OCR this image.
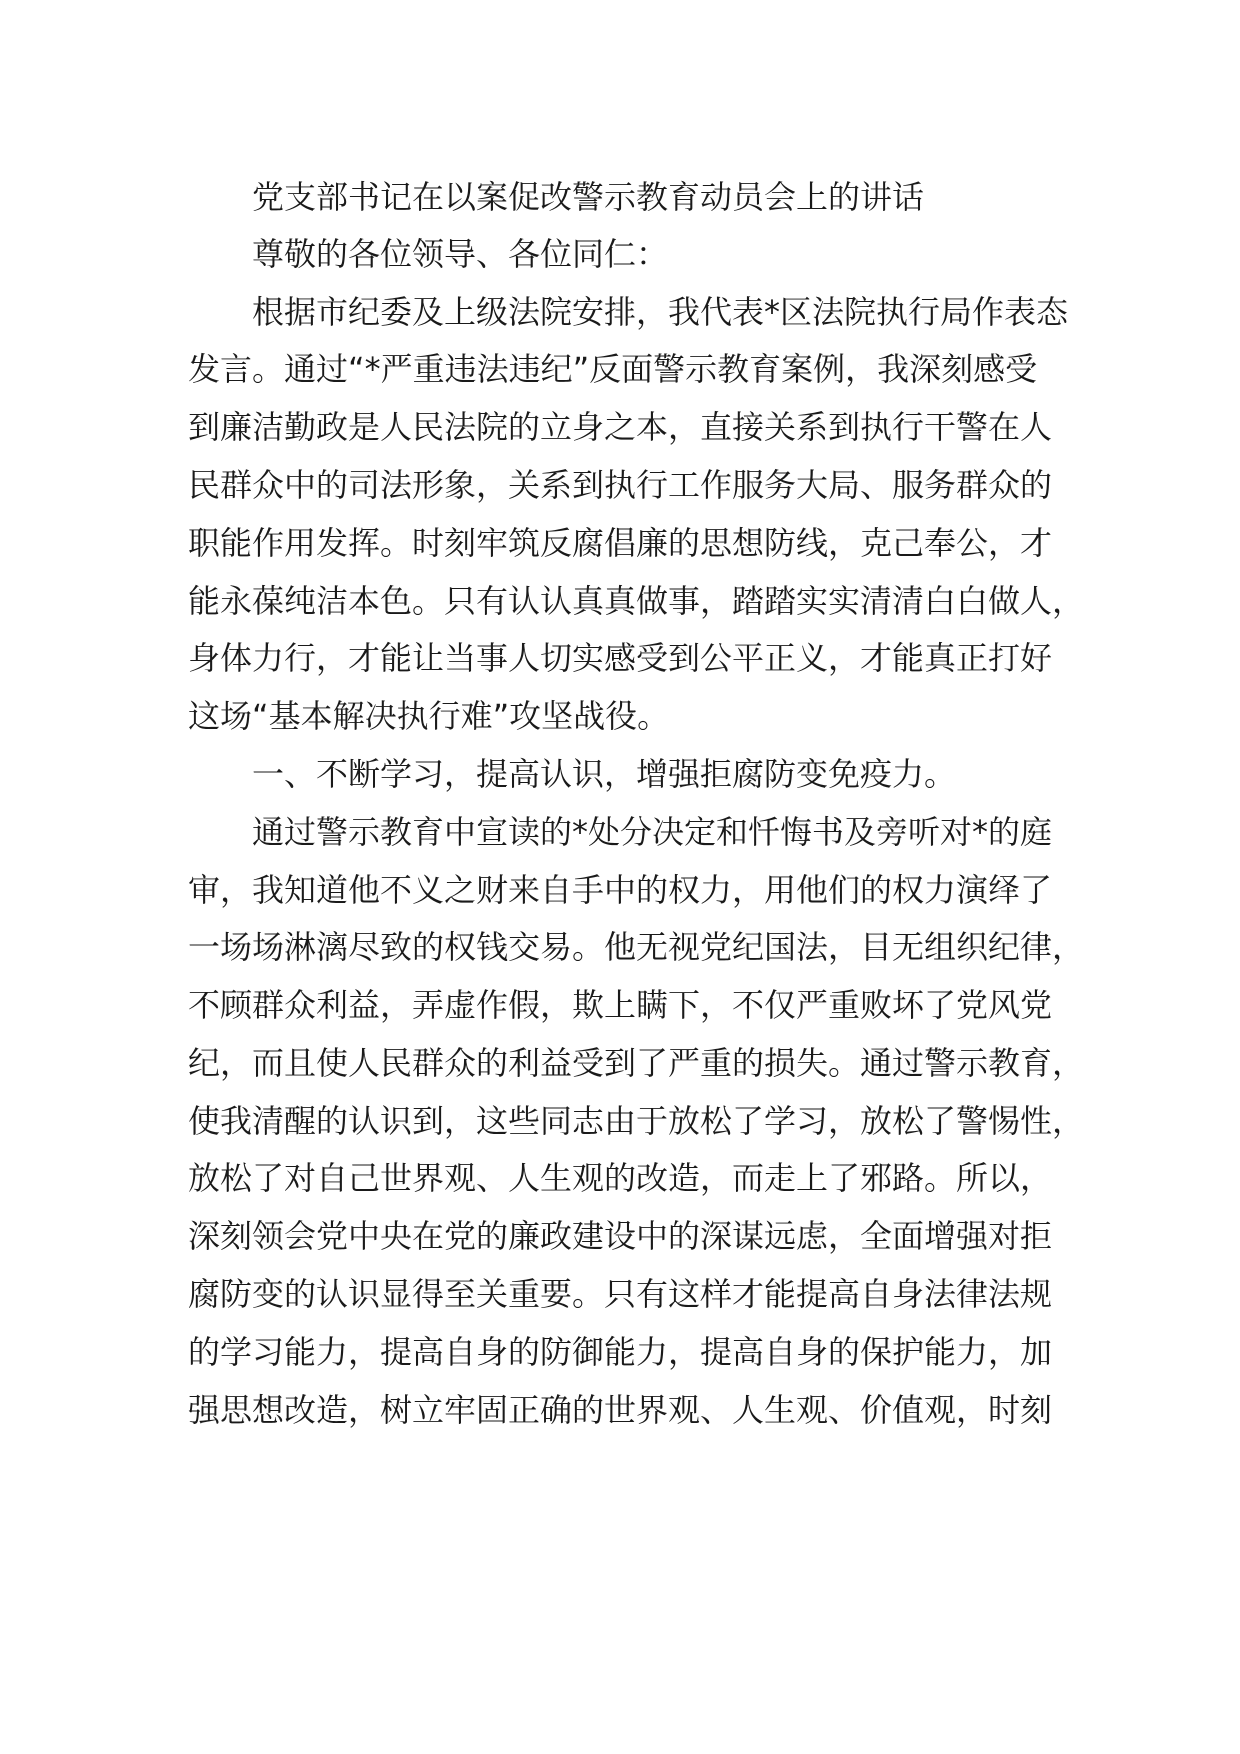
党支部书记在以案促改警示教育动员会上的讲话

尊敬的各位领导、各位同仁：

根据市纪委及上级法院安排，我代表*区法院执行局作表态

发言。通过“*严重违法违纪”反面警示教育案例，我深刻感受

到廉洁勤政是人民法院的立身之本，直接关系到执行干警在人

民群众中的司法形象，关系到执行工作服务大局、服务群众的

职能作用发挥。时刻牢筑反腐倡廉的思想防线，克己奉公，才

能永葆纯洁本色。只有认认真真做事，踏踏实实清清白白做人，

身体力行，才能让当事人切实感受到公平正义，才能真正打好

这场“基本解决执行难”攻坚战役。

一、不断学习，提高认识，增强拒腐防变免疫力。

通过警示教育中宣读的*处分决定和忏悔书及旁听对*的庭

审，我知道他不义之财来自手中的权力，用他们的权力演绎了

一场场淋漓尽致的权钱交易。他无视党纪国法，目无组织纪律，

不顾群众利益，弄虚作假，欺上瞒下，不仅严重败坏了党风党

纪，而且使人民群众的利益受到了严重的损失。通过警示教育，

使我清醒的认识到，这些同志由于放松了学习，放松了警惕性，

放松了对自己世界观、人生观的改造，而走上了邪路。所以，

深刻领会党中央在党的廉政建设中的深谋远虑，全面增强对拒

腐防变的认识显得至关重要。只有这样才能提高自身法律法规

的学习能力，提高自身的防御能力，提高自身的保护能力，加

强思想改造，树立牢固正确的世界观、人生观、价值观，时刻
